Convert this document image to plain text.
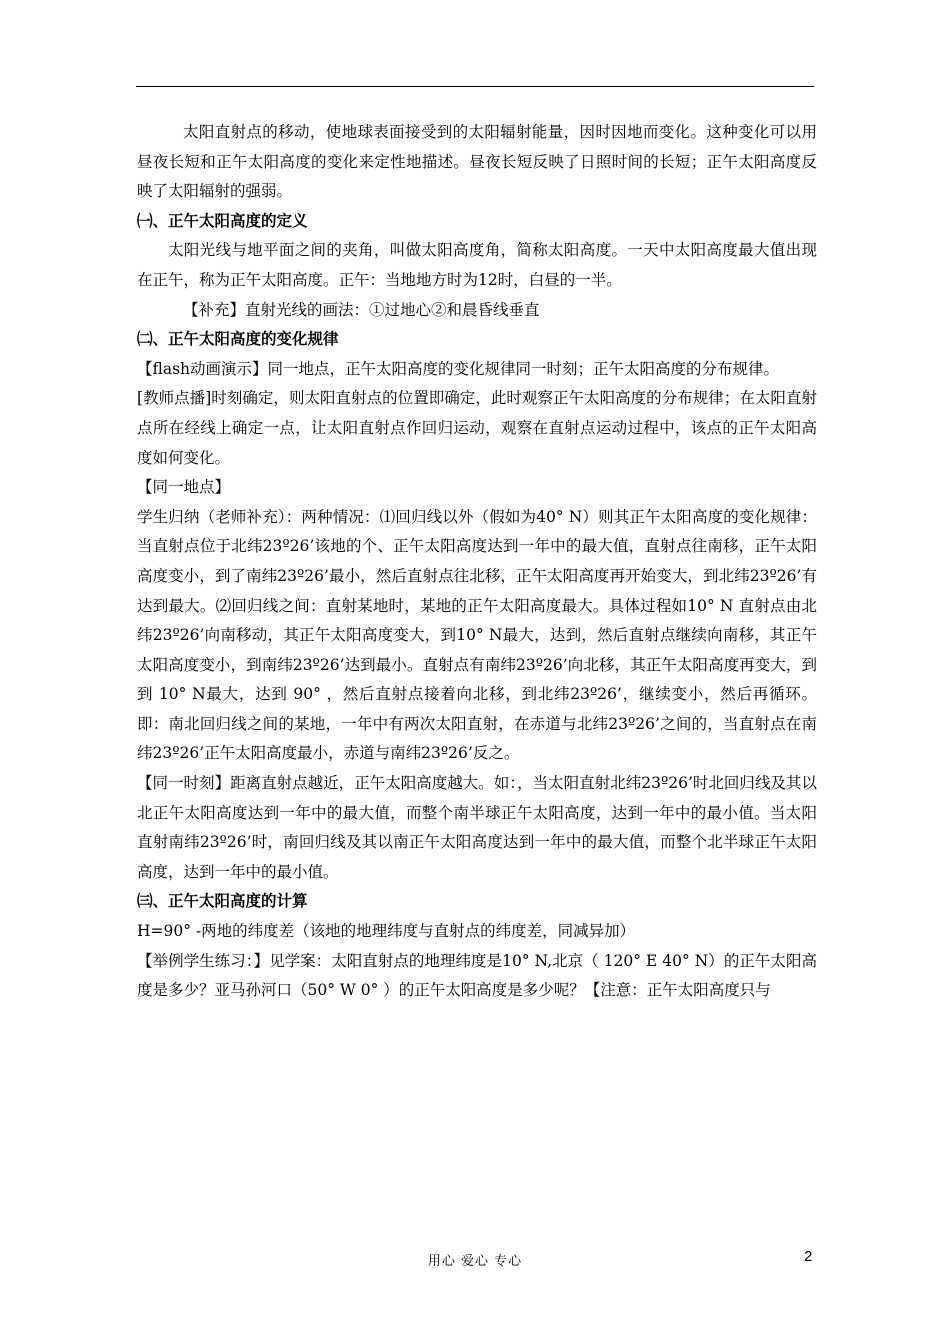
太阳直射点的移动，使地球表面接受到的太阳辐射能量，因时因地而变化。这种变化可以用昼夜长短和正午太阳高度的变化来定性地描述。昼夜长短反映了日照时间的长短；正午太阳高度反映了太阳辐射的强弱。

㈠、正午太阳高度的定义

太阳光线与地平面之间的夹角，叫做太阳高度角，简称太阳高度。一天中太阳高度最大值出现在正午，称为正午太阳高度。正午：当地地方时为12时，白昼的一半。

【补充】直射光线的画法：①过地心②和晨昏线垂直

㈡、正午太阳高度的变化规律

【flash动画演示】同一地点，正午太阳高度的变化规律同一时刻；正午太阳高度的分布规律。

[教师点播]时刻确定，则太阳直射点的位置即确定，此时观察正午太阳高度的分布规律；在太阳直射点所在经线上确定一点，让太阳直射点作回归运动，观察在直射点运动过程中，该点的正午太阳高度如何变化。

【同一地点】

学生归纳（老师补充）：两种情况：⑴回归线以外（假如为40° N）则其正午太阳高度的变化规律：当直射点位于北纬23º26’该地的个、正午太阳高度达到一年中的最大值，直射点往南移，正午太阳高度变小，到了南纬23º26’最小，然后直射点往北移，正午太阳高度再开始变大，到北纬23º26’有达到最大。⑵回归线之间：直射某地时，某地的正午太阳高度最大。具体过程如10° N 直射点由北纬23º26’向南移动，其正午太阳高度变大，到10° N最大，达到，然后直射点继续向南移，其正午太阳高度变小，到南纬23º26’达到最小。直射点有南纬23º26’向北移，其正午太阳高度再变大，到到 10° N最大，达到 90° ，然后直射点接着向北移，到北纬23º26’，继续变小，然后再循环。即：南北回归线之间的某地，一年中有两次太阳直射，在赤道与北纬23º26’之间的，当直射点在南纬23º26’正午太阳高度最小，赤道与南纬23º26’反之。

【同一时刻】距离直射点越近，正午太阳高度越大。如：，当太阳直射北纬23º26’时北回归线及其以北正午太阳高度达到一年中的最大值，而整个南半球正午太阳高度，达到一年中的最小值。当太阳直射南纬23º26’时，南回归线及其以南正午太阳高度达到一年中的最大值，而整个北半球正午太阳高度，达到一年中的最小值。

㈢、正午太阳高度的计算

H=90° -两地的纬度差（该地的地理纬度与直射点的纬度差，同减异加）

【举例学生练习：】见学案：太阳直射点的地理纬度是10° N,北京（ 120° E 40° N）的正午太阳高度是多少？亚马孙河口（50° W 0° ）的正午太阳高度是多少呢？【注意：正午太阳高度只与

用心 爱心 专心	2
